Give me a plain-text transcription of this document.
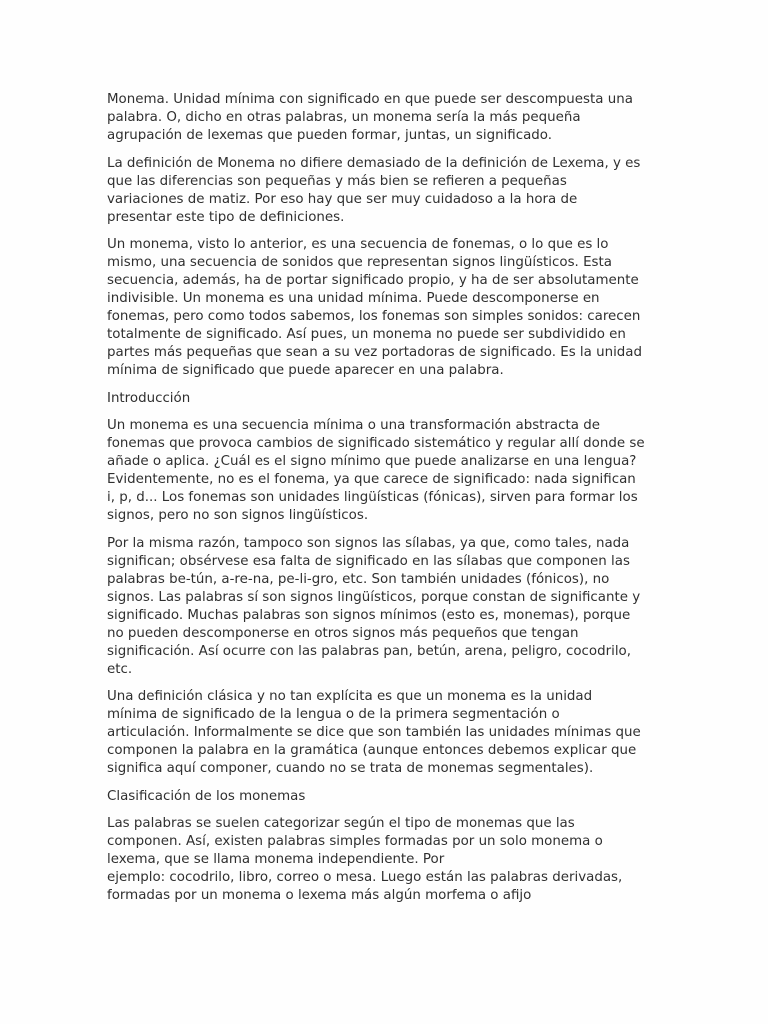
Monema. Unidad mínima con significado en que puede ser descompuesta una
palabra. O, dicho en otras palabras, un monema sería la más pequeña
agrupación de lexemas que pueden formar, juntas, un significado.
La definición de Monema no difiere demasiado de la definición de Lexema, y es
que las diferencias son pequeñas y más bien se refieren a pequeñas
variaciones de matiz. Por eso hay que ser muy cuidadoso a la hora de
presentar este tipo de definiciones.
Un monema, visto lo anterior, es una secuencia de fonemas, o lo que es lo
mismo, una secuencia de sonidos que representan signos lingüísticos. Esta
secuencia, además, ha de portar significado propio, y ha de ser absolutamente
indivisible. Un monema es una unidad mínima. Puede descomponerse en
fonemas, pero como todos sabemos, los fonemas son simples sonidos: carecen
totalmente de significado. Así pues, un monema no puede ser subdividido en
partes más pequeñas que sean a su vez portadoras de significado. Es la unidad
mínima de significado que puede aparecer en una palabra.
Introducción
Un monema es una secuencia mínima o una transformación abstracta de
fonemas que provoca cambios de significado sistemático y regular allí donde se
añade o aplica. ¿Cuál es el signo mínimo que puede analizarse en una lengua?
Evidentemente, no es el fonema, ya que carece de significado: nada significan
i, p, d... Los fonemas son unidades lingüísticas (fónicas), sirven para formar los
signos, pero no son signos lingüísticos.
Por la misma razón, tampoco son signos las sílabas, ya que, como tales, nada
significan; obsérvese esa falta de significado en las sílabas que componen las
palabras be-tún, a-re-na, pe-li-gro, etc. Son también unidades (fónicos), no
signos. Las palabras sí son signos lingüísticos, porque constan de significante y
significado. Muchas palabras son signos mínimos (esto es, monemas), porque
no pueden descomponerse en otros signos más pequeños que tengan
significación. Así ocurre con las palabras pan, betún, arena, peligro, cocodrilo,
etc.
Una definición clásica y no tan explícita es que un monema es la unidad
mínima de significado de la lengua o de la primera segmentación o
articulación. Informalmente se dice que son también las unidades mínimas que
componen la palabra en la gramática (aunque entonces debemos explicar que
significa aquí componer, cuando no se trata de monemas segmentales).
Clasificación de los monemas
Las palabras se suelen categorizar según el tipo de monemas que las
componen. Así, existen palabras simples formadas por un solo monema o
lexema, que se llama monema independiente. Por
ejemplo: cocodrilo, libro, correo o mesa. Luego están las palabras derivadas,
formadas por un monema o lexema más algún morfema o afijo
